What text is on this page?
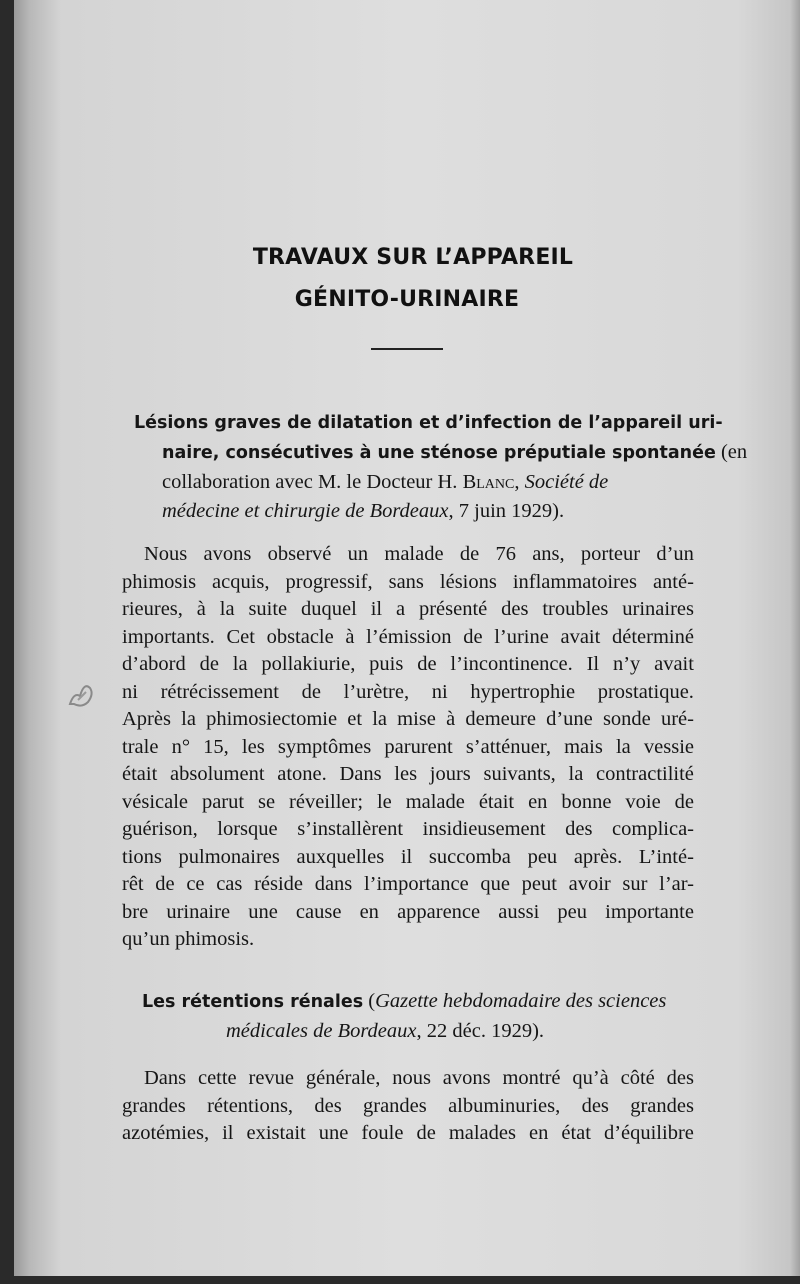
TRAVAUX SUR L’APPAREIL
GÉNITO-URINAIRE
Lésions graves de dilatation et d’infection de l’appareil uri-
naire, consécutives à une sténose préputiale spontanée (en
collaboration avec M. le Docteur H. Blanc, Société de
médecine et chirurgie de Bordeaux, 7 juin 1929).
Nous avons observé un malade de 76 ans, porteur d’un
phimosis acquis, progressif, sans lésions inflammatoires anté-
rieures, à la suite duquel il a présenté des troubles urinaires
importants. Cet obstacle à l’émission de l’urine avait déterminé
d’abord de la pollakiurie, puis de l’incontinence. Il n’y avait
ni rétrécissement de l’urètre, ni hypertrophie prostatique.
Après la phimosiectomie et la mise à demeure d’une sonde uré-
trale n° 15, les symptômes parurent s’atténuer, mais la vessie
était absolument atone. Dans les jours suivants, la contractilité
vésicale parut se réveiller; le malade était en bonne voie de
guérison, lorsque s’installèrent insidieusement des complica-
tions pulmonaires auxquelles il succomba peu après. L’inté-
rêt de ce cas réside dans l’importance que peut avoir sur l’ar-
bre urinaire une cause en apparence aussi peu importante
qu’un phimosis.
Les rétentions rénales (Gazette hebdomadaire des sciences
médicales de Bordeaux, 22 déc. 1929).
Dans cette revue générale, nous avons montré qu’à côté des
grandes rétentions, des grandes albuminuries, des grandes
azotémies, il existait une foule de malades en état d’équilibre
